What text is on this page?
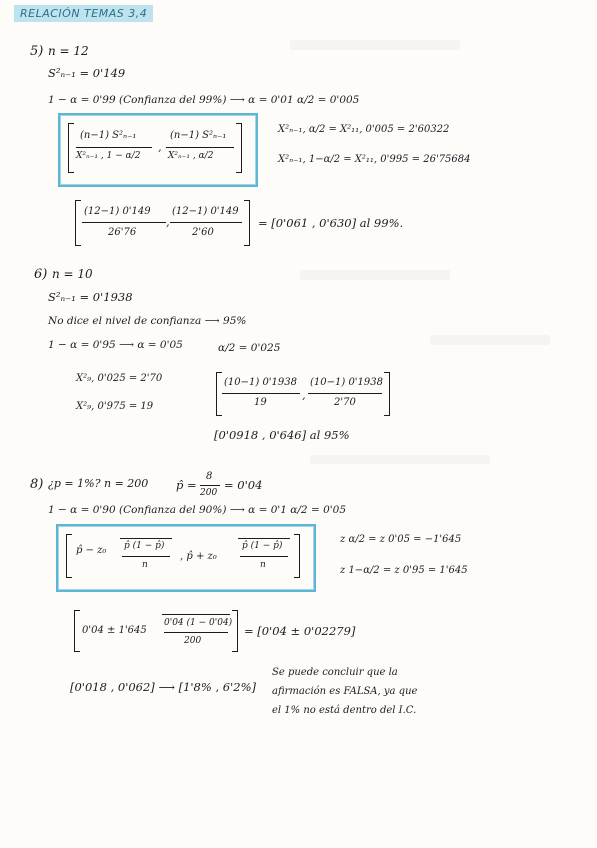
RELACIÓN TEMAS 3,4
5) n = 12
S²ₙ₋₁ = 0'149
1 − α = 0'99 (Confianza del 99%) ⟶ α = 0'01 α/2 = 0'005
(n−1) S²ₙ₋₁
X²ₙ₋₁ , 1 − α/2
,
(n−1) S²ₙ₋₁
X²ₙ₋₁ , α/2
X²ₙ₋₁, α/2 = X²₁₁, 0'005 = 2'60322
X²ₙ₋₁, 1−α/2 = X²₁₁, 0'995 = 26'75684
(12−1) 0'149
26'76
,
(12−1) 0'149
2'60
= [0'061 , 0'630] al 99%.
6) n = 10
S²ₙ₋₁ = 0'1938
No dice el nivel de confianza ⟶ 95%
1 − α = 0'95 ⟶ α = 0'05	α/2 = 0'025
X²₉, 0'025 = 2'70
X²₉, 0'975 = 19
(10−1) 0'1938
19
,
(10−1) 0'1938
2'70
[0'0918 , 0'646] al 95%
8) ¿p = 1%? n = 200 p̂ =
8
200
= 0'04
1 − α = 0'90 (Confianza del 90%) ⟶ α = 0'1 α/2 = 0'05
p̂ − z₀ p̂ (1 − p̂)
n
, p̂ + z₀
p̂ (1 − p̂)
n
z α/2 = z 0'05 = −1'645
z 1−α/2 = z 0'95 = 1'645
0'04 ± 1'645
0'04 (1 − 0'04)
200
= [0'04 ± 0'02279]
[0'018 , 0'062] ⟶ [1'8% , 6'2%]
Se puede concluir que la
afirmación es FALSA, ya que
el 1% no está dentro del I.C.
